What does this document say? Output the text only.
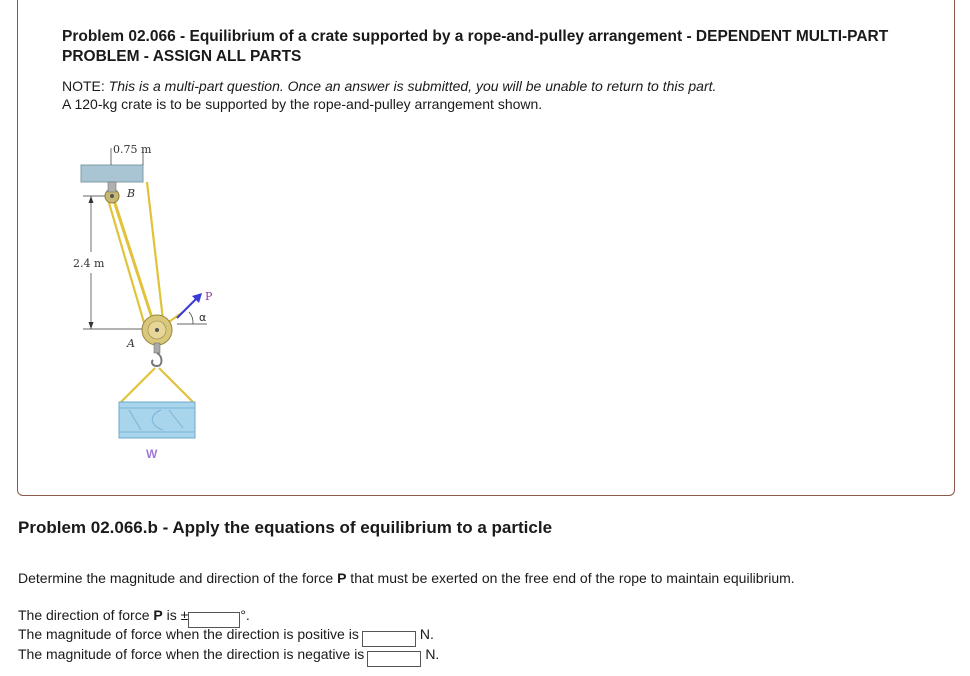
Problem 02.066 - Equilibrium of a crate supported by a rope-and-pulley arrangement - DEPENDENT MULTI-PART PROBLEM - ASSIGN ALL PARTS
NOTE: This is a multi-part question. Once an answer is submitted, you will be unable to return to this part.
A 120-kg crate is to be supported by the rope-and-pulley arrangement shown.
0.75 m
2.4 m
B
A
P
α
W
Problem 02.066.b - Apply the equations of equilibrium to a particle
Determine the magnitude and direction of the force P that must be exerted on the free end of the rope to maintain equilibrium.
The direction of force P is ±	°.
The magnitude of force when the direction is positive is	N.
The magnitude of force when the direction is negative is	N.
